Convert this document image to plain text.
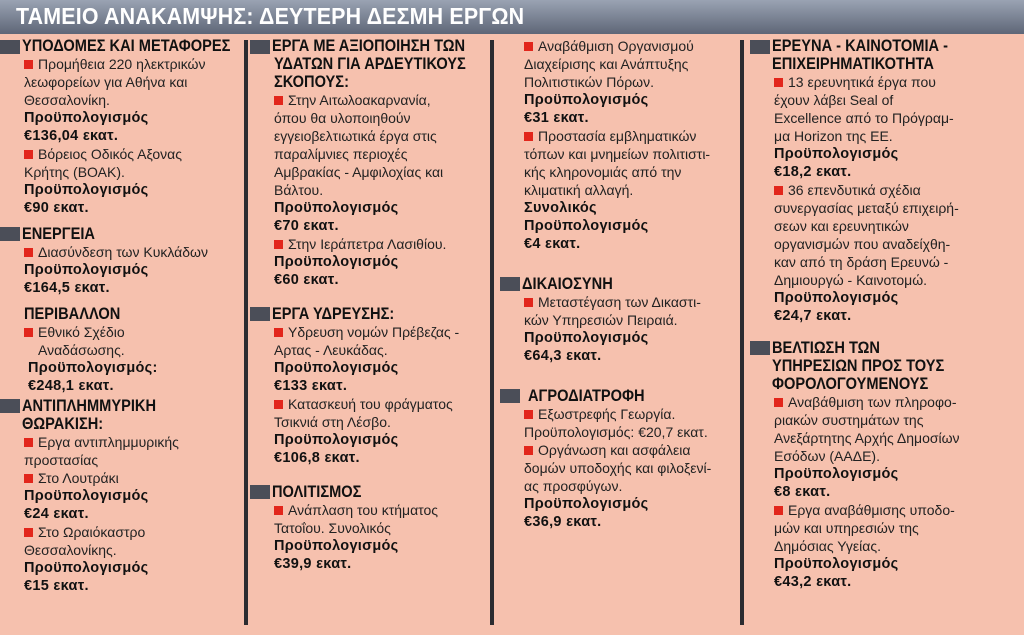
ΤΑΜΕΙΟ ΑΝΑΚΑΜΨΗΣ: ΔΕΥΤΕΡΗ ΔΕΣΜΗ ΕΡΓΩΝ
ΥΠΟΔΟΜΕΣ ΚΑΙ ΜΕΤΑΦΟΡΕΣ
Προμήθεια 220 ηλεκτρικών
λεωφορείων για Αθήνα και
Θεσσαλονίκη.
Προϋπολογισμός
€136,04 εκατ.
Βόρειος Οδικός Αξονας
Κρήτης (ΒΟΑΚ).
Προϋπολογισμός
€90 εκατ.
ΕΝΕΡΓΕΙΑ
Διασύνδεση των Κυκλάδων
Προϋπολογισμός
€164,5 εκατ.
ΠΕΡΙΒΑΛΛΟΝ
Εθνικό Σχέδιο
Αναδάσωσης.
Προϋπολογισμός:
€248,1 εκατ.
ΑΝΤΙΠΛΗΜΜΥΡΙΚΗ
ΘΩΡΑΚΙΣΗ:
Εργα αντιπλημμυρικής
προστασίας
Στο Λουτράκι
Προϋπολογισμός
€24 εκατ.
Στο Ωραιόκαστρο
Θεσσαλονίκης.
Προϋπολογισμός
€15 εκατ.
ΕΡΓΑ ΜΕ ΑΞΙΟΠΟΙΗΣΗ ΤΩΝ
ΥΔΑΤΩΝ ΓΙΑ ΑΡΔΕΥΤΙΚΟΥΣ
ΣΚΟΠΟΥΣ:
Στην Αιτωλοακαρνανία,
όπου θα υλοποιηθούν
εγγειοβελτιωτικά έργα στις
παραλίμνιες περιοχές
Αμβρακίας - Αμφιλοχίας και
Βάλτου.
Προϋπολογισμός
€70 εκατ.
Στην Ιεράπετρα Λασιθίου.
Προϋπολογισμός
€60 εκατ.
ΕΡΓΑ ΥΔΡΕΥΣΗΣ:
Υδρευση νομών Πρέβεζας -
Αρτας - Λευκάδας.
Προϋπολογισμός
€133 εκατ.
Κατασκευή του φράγματος
Τσικνιά στη Λέσβο.
Προϋπολογισμός
€106,8 εκατ.
ΠΟΛΙΤΙΣΜΟΣ
Ανάπλαση του κτήματος
Τατοΐου. Συνολικός
Προϋπολογισμός
€39,9 εκατ.
Αναβάθμιση Οργανισμού
Διαχείρισης και Ανάπτυξης
Πολιτιστικών Πόρων.
Προϋπολογισμός
€31 εκατ.
Προστασία εμβληματικών
τόπων και μνημείων πολιτιστι-
κής κληρονομιάς από την
κλιματική αλλαγή.
Συνολικός
Προϋπολογισμός
€4 εκατ.
ΔΙΚΑΙΟΣΥΝΗ
Μεταστέγαση των Δικαστι-
κών Υπηρεσιών Πειραιά.
Προϋπολογισμός
€64,3 εκατ.
ΑΓΡΟΔΙΑΤΡΟΦΗ
Εξωστρεφής Γεωργία.
Προϋπολογισμός: €20,7 εκατ.
Οργάνωση και ασφάλεια
δομών υποδοχής και φιλοξενί-
ας προσφύγων.
Προϋπολογισμός
€36,9 εκατ.
ΕΡΕΥΝΑ - ΚΑΙΝΟΤΟΜΙΑ -
ΕΠΙΧΕΙΡΗΜΑΤΙΚΟΤΗΤΑ
13 ερευνητικά έργα που
έχουν λάβει Seal of
Excellence από το Πρόγραμ-
μα Horizon της ΕΕ.
Προϋπολογισμός
€18,2 εκατ.
36 επενδυτικά σχέδια
συνεργασίας μεταξύ επιχειρή-
σεων και ερευνητικών
οργανισμών που αναδείχθη-
καν από τη δράση Ερευνώ -
Δημιουργώ - Καινοτομώ.
Προϋπολογισμός
€24,7 εκατ.
ΒΕΛΤΙΩΣΗ ΤΩΝ
ΥΠΗΡΕΣΙΩΝ ΠΡΟΣ ΤΟΥΣ
ΦΟΡΟΛΟΓΟΥΜΕΝΟΥΣ
Αναβάθμιση των πληροφο-
ριακών συστημάτων της
Ανεξάρτητης Αρχής Δημοσίων
Εσόδων (ΑΑΔΕ).
Προϋπολογισμός
€8 εκατ.
Εργα αναβάθμισης υποδο-
μών και υπηρεσιών της
Δημόσιας Υγείας.
Προϋπολογισμός
€43,2 εκατ.
